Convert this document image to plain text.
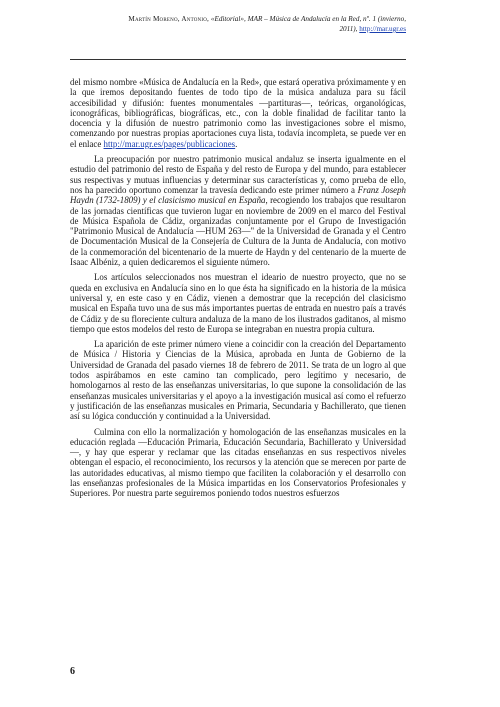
Martín Moreno, Antonio, «Editorial», MAR – Música de Andalucía en la Red, nº. 1 (invierno,
2011), http://mar.ugr.es

del mismo nombre «Música de Andalucía en la Red», que estará operativa próximamente y en la que iremos depositando fuentes de todo tipo de la música andaluza para su fácil accesibilidad y difusión: fuentes monumentales —partituras—, teóricas, organológicas, iconográficas, bibliográficas, biográficas, etc., con la doble finalidad de facilitar tanto la docencia y la difusión de nuestro patrimonio como las investigaciones sobre el mismo, comenzando por nuestras propias aportaciones cuya lista, todavía incompleta, se puede ver en el enlace http://mar.ugr.es/pages/publicaciones.

La preocupación por nuestro patrimonio musical andaluz se inserta igualmente en el estudio del patrimonio del resto de España y del resto de Europa y del mundo, para establecer sus respectivas y mutuas influencias y determinar sus características y, como prueba de ello, nos ha parecido oportuno comenzar la travesía dedicando este primer número a Franz Joseph Haydn (1732-1809) y el clasicismo musical en España, recogiendo los trabajos que resultaron de las jornadas científicas que tuvieron lugar en noviembre de 2009 en el marco del Festival de Música Española de Cádiz, organizadas conjuntamente por el Grupo de Investigación "Patrimonio Musical de Andalucía —HUM 263—" de la Universidad de Granada y el Centro de Documentación Musical de la Consejería de Cultura de la Junta de Andalucía, con motivo de la conmemoración del bicentenario de la muerte de Haydn y del centenario de la muerte de Isaac Albéniz, a quien dedicaremos el siguiente número.

Los artículos seleccionados nos muestran el ideario de nuestro proyecto, que no se queda en exclusiva en Andalucía sino en lo que ésta ha significado en la historia de la música universal y, en este caso y en Cádiz, vienen a demostrar que la recepción del clasicismo musical en España tuvo una de sus más importantes puertas de entrada en nuestro país a través de Cádiz y de su floreciente cultura andaluza de la mano de los ilustrados gaditanos, al mismo tiempo que estos modelos del resto de Europa se integraban en nuestra propia cultura.

La aparición de este primer número viene a coincidir con la creación del Departamento de Música / Historia y Ciencias de la Música, aprobada en Junta de Gobierno de la Universidad de Granada del pasado viernes 18 de febrero de 2011. Se trata de un logro al que todos aspirábamos en este camino tan complicado, pero legítimo y necesario, de homologarnos al resto de las enseñanzas universitarias, lo que supone la consolidación de las enseñanzas musicales universitarias y el apoyo a la investigación musical así como el refuerzo y justificación de las enseñanzas musicales en Primaria, Secundaria y Bachillerato, que tienen así su lógica conducción y continuidad a la Universidad.

Culmina con ello la normalización y homologación de las enseñanzas musicales en la educación reglada —Educación Primaria, Educación Secundaria, Bachillerato y Universidad—, y hay que esperar y reclamar que las citadas enseñanzas en sus respectivos niveles obtengan el espacio, el reconocimiento, los recursos y la atención que se merecen por parte de las autoridades educativas, al mismo tiempo que faciliten la colaboración y el desarrollo con las enseñanzas profesionales de la Música impartidas en los Conservatorios Profesionales y Superiores. Por nuestra parte seguiremos poniendo todos nuestros esfuerzos

6
